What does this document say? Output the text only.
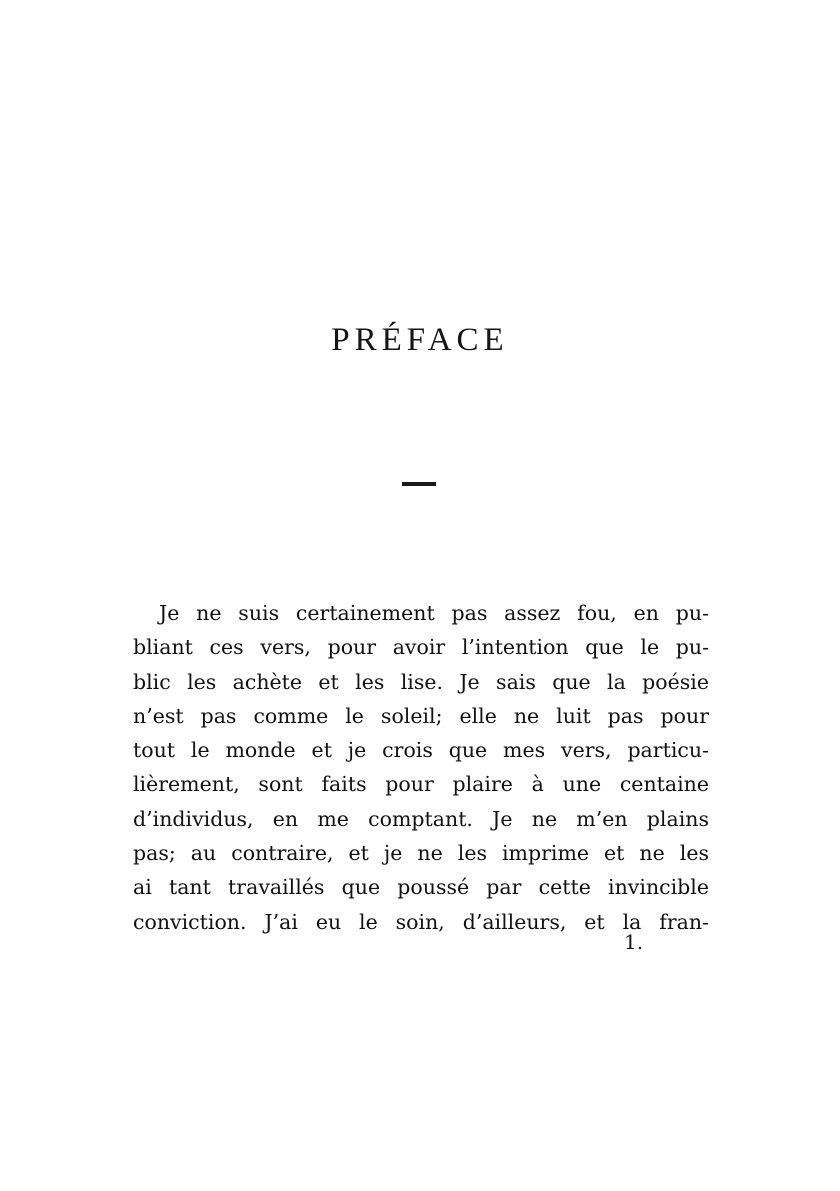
PRÉFACE
Je ne suis certainement pas assez fou, en pu-
bliant ces vers, pour avoir l’intention que le pu-
blic les achète et les lise. Je sais que la poésie
n’est pas comme le soleil; elle ne luit pas pour
tout le monde et je crois que mes vers, particu-
lièrement, sont faits pour plaire à une centaine
d’individus, en me comptant. Je ne m’en plains
pas; au contraire, et je ne les imprime et ne les
ai tant travaillés que poussé par cette invincible
conviction. J’ai eu le soin, d’ailleurs, et la fran-
1.
